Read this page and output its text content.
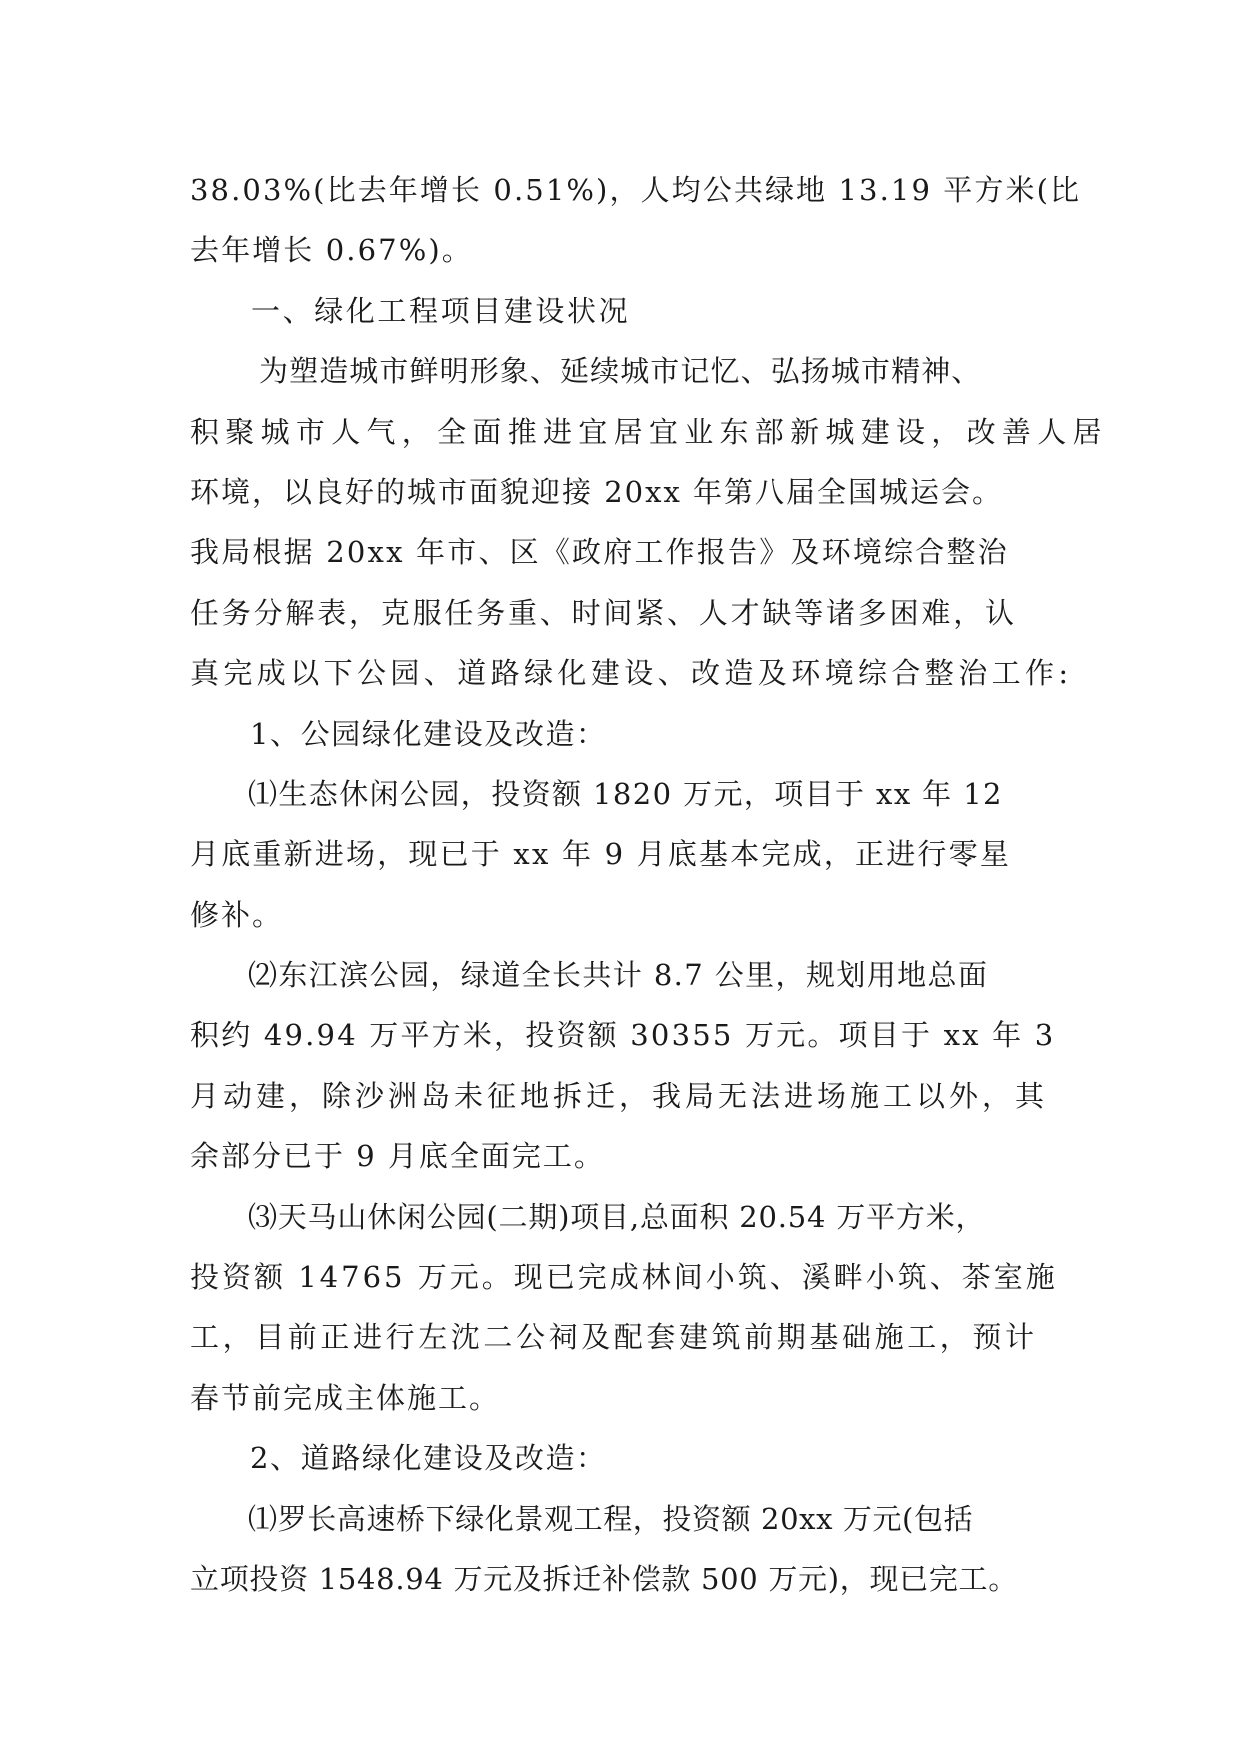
38.03%(比去年增长 0.51%)，人均公共绿地 13.19 平方米(比
去年增长 0.67%)。
一、绿化工程项目建设状况
为塑造城市鲜明形象、延续城市记忆、弘扬城市精神、
积聚城市人气，全面推进宜居宜业东部新城建设，改善人居
环境，以良好的城市面貌迎接 20xx 年第八届全国城运会。
我局根据 20xx 年市、区《政府工作报告》及环境综合整治
任务分解表，克服任务重、时间紧、人才缺等诸多困难，认
真完成以下公园、道路绿化建设、改造及环境综合整治工作:
1、公园绿化建设及改造：
⑴生态休闲公园，投资额 1820 万元，项目于 xx 年 12
月底重新进场，现已于 xx 年 9 月底基本完成，正进行零星
修补。
⑵东江滨公园，绿道全长共计 8.7 公里，规划用地总面
积约 49.94 万平方米，投资额 30355 万元。项目于 xx 年 3
月动建，除沙洲岛未征地拆迁，我局无法进场施工以外，其
余部分已于 9 月底全面完工。
⑶天马山休闲公园(二期)项目,总面积 20.54 万平方米，
投资额 14765 万元。现已完成林间小筑、溪畔小筑、茶室施
工，目前正进行左沈二公祠及配套建筑前期基础施工，预计
春节前完成主体施工。
2、道路绿化建设及改造：
⑴罗长高速桥下绿化景观工程，投资额 20xx 万元(包括
立项投资 1548.94 万元及拆迁补偿款 500 万元)，现已完工。
